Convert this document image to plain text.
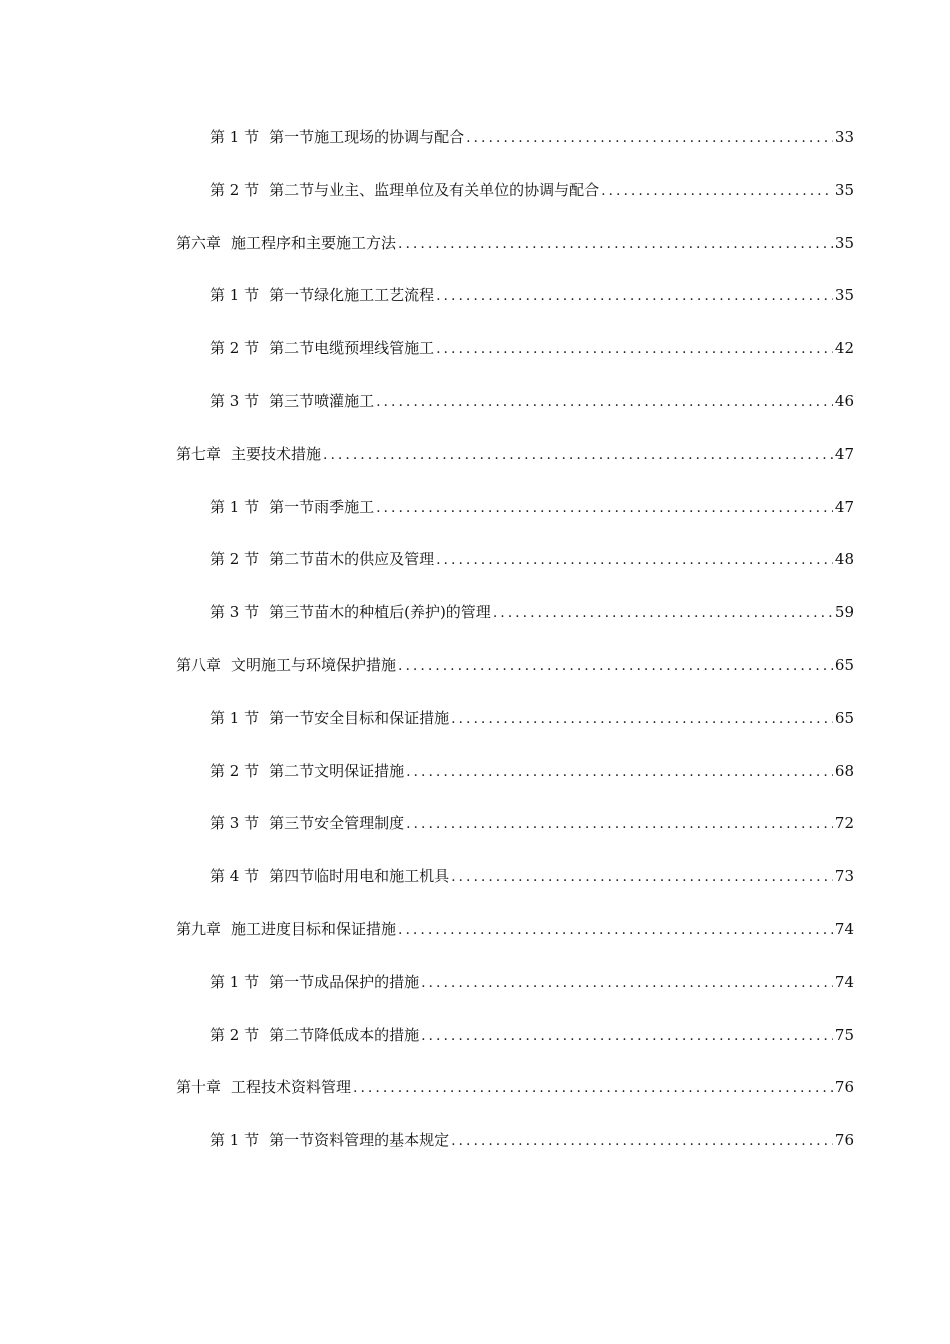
第 1 节 第一节施工现场的协调与配合 .....	33
第 2 节 第二节与业主、监理单位及有关单位的协调与配合 .....	35
第六章 施工程序和主要施工方法 .....	35
第 1 节 第一节绿化施工工艺流程 .....	35
第 2 节 第二节电缆预埋线管施工 .....	42
第 3 节 第三节喷灌施工 .....	46
第七章 主要技术措施 .....	47
第 1 节 第一节雨季施工 .....	47
第 2 节 第二节苗木的供应及管理 .....	48
第 3 节 第三节苗木的种植后(养护)的管理 .....	59
第八章 文明施工与环境保护措施 .....	65
第 1 节 第一节安全目标和保证措施 .....	65
第 2 节 第二节文明保证措施 .....	68
第 3 节 第三节安全管理制度 .....	72
第 4 节 第四节临时用电和施工机具 .....	73
第九章 施工进度目标和保证措施 .....	74
第 1 节 第一节成品保护的措施 .....	74
第 2 节 第二节降低成本的措施 .....	75
第十章 工程技术资料管理 .....	76
第 1 节 第一节资料管理的基本规定 .....	76
